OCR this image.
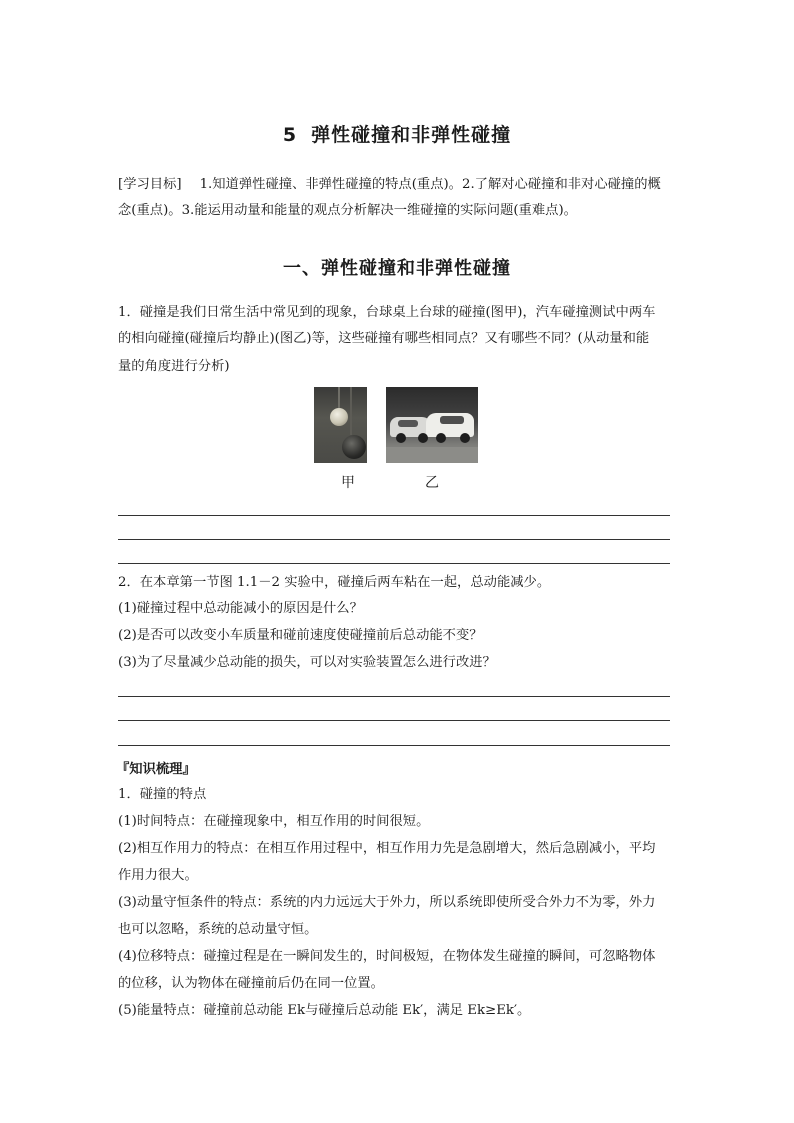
5 弹性碰撞和非弹性碰撞
[学习目标] 1.知道弹性碰撞、非弹性碰撞的特点(重点)。2.了解对心碰撞和非对心碰撞的概
念(重点)。3.能运用动量和能量的观点分析解决一维碰撞的实际问题(重难点)。
一、弹性碰撞和非弹性碰撞
1．碰撞是我们日常生活中常见到的现象，台球桌上台球的碰撞(图甲)，汽车碰撞测试中两车
的相向碰撞(碰撞后均静止)(图乙)等，这些碰撞有哪些相同点？又有哪些不同？(从动量和能
量的角度进行分析)
甲	乙
2．在本章第一节图 1.1－2 实验中，碰撞后两车粘在一起，总动能减少。
(1)碰撞过程中总动能减小的原因是什么？
(2)是否可以改变小车质量和碰前速度使碰撞前后总动能不变？
(3)为了尽量减少总动能的损失，可以对实验装置怎么进行改进？
『知识梳理』
1．碰撞的特点
(1)时间特点：在碰撞现象中，相互作用的时间很短。
(2)相互作用力的特点：在相互作用过程中，相互作用力先是急剧增大，然后急剧减小，平均
作用力很大。
(3)动量守恒条件的特点：系统的内力远远大于外力，所以系统即使所受合外力不为零，外力
也可以忽略，系统的总动量守恒。
(4)位移特点：碰撞过程是在一瞬间发生的，时间极短，在物体发生碰撞的瞬间，可忽略物体
的位移，认为物体在碰撞前后仍在同一位置。
(5)能量特点：碰撞前总动能 Ek与碰撞后总动能 Ek′，满足 Ek≥Ek′。
